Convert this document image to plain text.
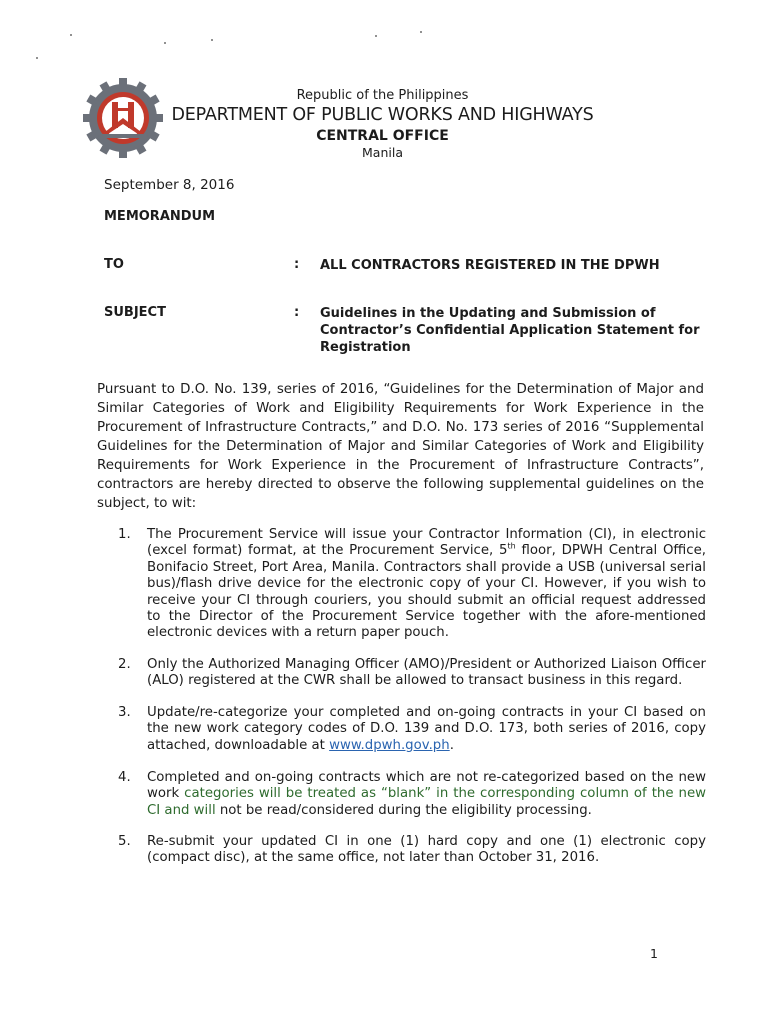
Republic of the Philippines
DEPARTMENT OF PUBLIC WORKS AND HIGHWAYS
CENTRAL OFFICE
Manila
September 8, 2016
MEMORANDUM
TO	: ALL CONTRACTORS REGISTERED IN THE DPWH
SUBJECT	: Guidelines in the Updating and Submission of Contractor’s Confidential Application Statement for Registration
Pursuant to D.O. No. 139, series of 2016, “Guidelines for the Determination of Major and Similar Categories of Work and Eligibility Requirements for Work Experience in the Procurement of Infrastructure Contracts,” and D.O. No. 173 series of 2016 “Supplemental Guidelines for the Determination of Major and Similar Categories of Work and Eligibility Requirements for Work Experience in the Procurement of Infrastructure Contracts”, contractors are hereby directed to observe the following supplemental guidelines on the subject, to wit:
1.	The Procurement Service will issue your Contractor Information (CI), in electronic (excel format) format, at the Procurement Service, 5th floor, DPWH Central Office, Bonifacio Street, Port Area, Manila. Contractors shall provide a USB (universal serial bus)/flash drive device for the electronic copy of your CI. However, if you wish to receive your CI through couriers, you should submit an official request addressed to the Director of the Procurement Service together with the afore-mentioned electronic devices with a return paper pouch.
2.	Only the Authorized Managing Officer (AMO)/President or Authorized Liaison Officer (ALO) registered at the CWR shall be allowed to transact business in this regard.
3.	Update/re-categorize your completed and on-going contracts in your CI based on the new work category codes of D.O. 139 and D.O. 173, both series of 2016, copy attached, downloadable at www.dpwh.gov.ph.
4.	Completed and on-going contracts which are not re-categorized based on the new work categories will be treated as “blank” in the corresponding column of the new CI and will not be read/considered during the eligibility processing.
5.	Re-submit your updated CI in one (1) hard copy and one (1) electronic copy (compact disc), at the same office, not later than October 31, 2016.
1
